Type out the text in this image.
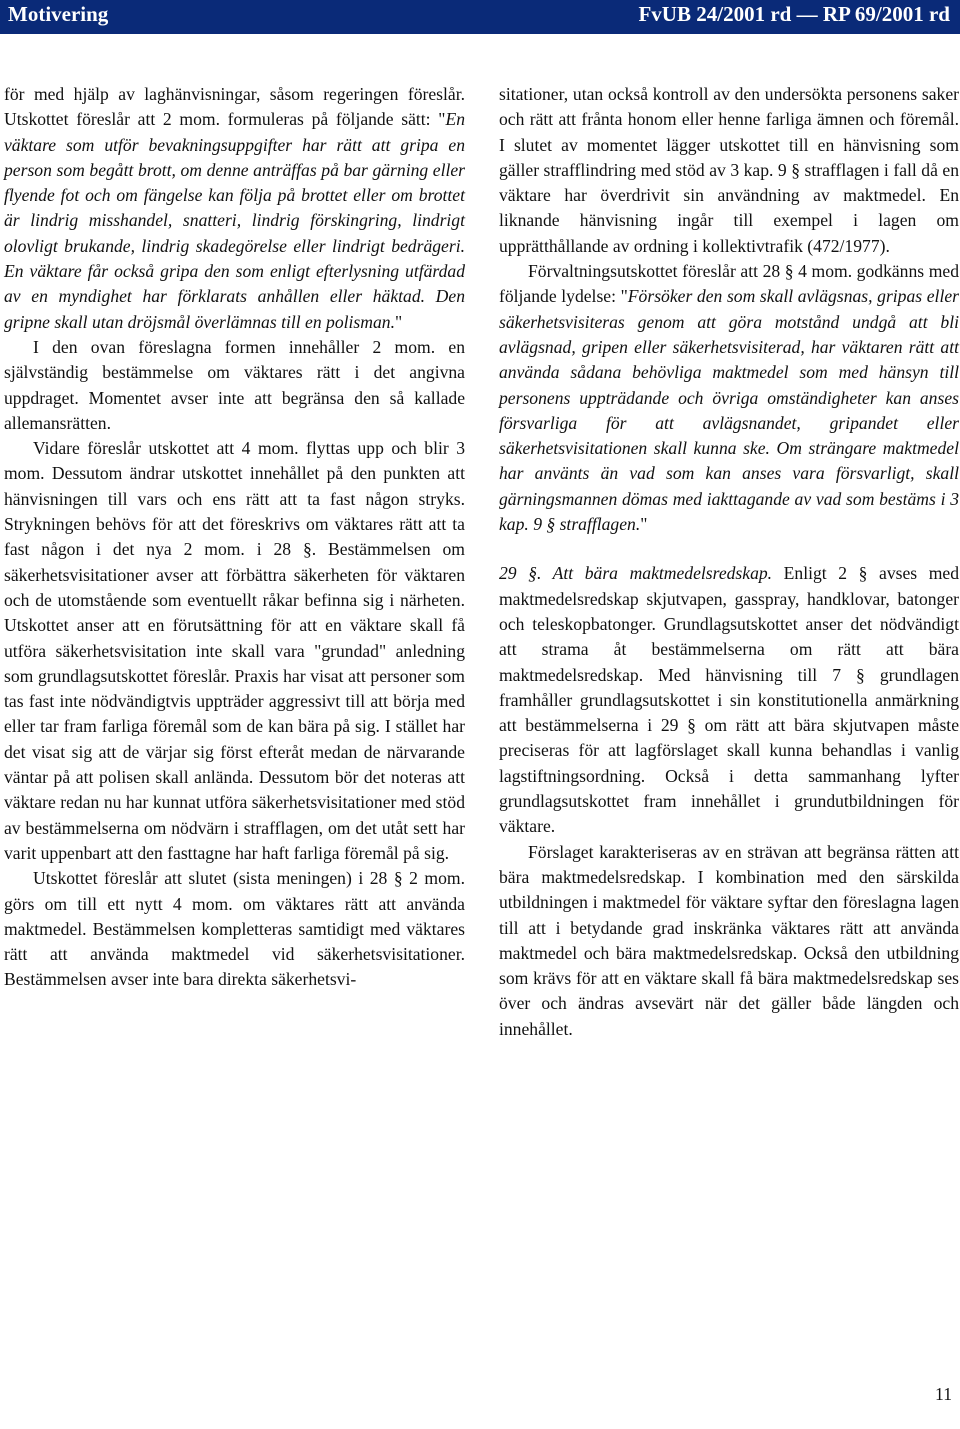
Motivering	FvUB 24/2001 rd — RP 69/2001 rd

för med hjälp av laghänvisningar, såsom regeringen föreslår. Utskottet föreslår att 2 mom. formuleras på följande sätt: "En väktare som utför bevakningsuppgifter har rätt att gripa en person som begått brott, om denne anträffas på bar gärning eller flyende fot och om fängelse kan följa på brottet eller om brottet är lindrig misshandel, snatteri, lindrig förskingring, lindrigt olovligt brukande, lindrig skadegörelse eller lindrigt bedrägeri. En väktare får också gripa den som enligt efterlysning utfärdad av en myndighet har förklarats anhållen eller häktad. Den gripne skall utan dröjsmål överlämnas till en polisman."

I den ovan föreslagna formen innehåller 2 mom. en självständig bestämmelse om väktares rätt i det angivna uppdraget. Momentet avser inte att begränsa den så kallade allemansrätten.

Vidare föreslår utskottet att 4 mom. flyttas upp och blir 3 mom. Dessutom ändrar utskottet innehållet på den punkten att hänvisningen till vars och ens rätt att ta fast någon stryks. Strykningen behövs för att det föreskrivs om väktares rätt att ta fast någon i det nya 2 mom. i 28 §. Bestämmelsen om säkerhetsvisitationer avser att förbättra säkerheten för väktaren och de utomstående som eventuellt råkar befinna sig i närheten. Utskottet anser att en förutsättning för att en väktare skall få utföra säkerhetsvisitation inte skall vara "grundad" anledning som grundlagsutskottet föreslår. Praxis har visat att personer som tas fast inte nödvändigtvis uppträder aggressivt till att börja med eller tar fram farliga föremål som de kan bära på sig. I stället har det visat sig att de värjar sig först efteråt medan de närvarande väntar på att polisen skall anlända. Dessutom bör det noteras att väktare redan nu har kunnat utföra säkerhetsvisitationer med stöd av bestämmelserna om nödvärn i strafflagen, om det utåt sett har varit uppenbart att den fasttagne har haft farliga föremål på sig.

Utskottet föreslår att slutet (sista meningen) i 28 § 2 mom. görs om till ett nytt 4 mom. om väktares rätt att använda maktmedel. Bestämmelsen kompletteras samtidigt med väktares rätt att använda maktmedel vid säkerhetsvisitationer. Bestämmelsen avser inte bara direkta säkerhetsvi-

sitationer, utan också kontroll av den undersökta personens saker och rätt att frånta honom eller henne farliga ämnen och föremål. I slutet av momentet lägger utskottet till en hänvisning som gäller strafflindring med stöd av 3 kap. 9 § strafflagen i fall då en väktare har överdrivit sin användning av maktmedel. En liknande hänvisning ingår till exempel i lagen om upprätthållande av ordning i kollektivtrafik (472/1977).

Förvaltningsutskottet föreslår att 28 § 4 mom. godkänns med följande lydelse: "Försöker den som skall avlägsnas, gripas eller säkerhetsvisiteras genom att göra motstånd undgå att bli avlägsnad, gripen eller säkerhetsvisiterad, har väktaren rätt att använda sådana behövliga maktmedel som med hänsyn till personens uppträdande och övriga omständigheter kan anses försvarliga för att avlägsnandet, gripandet eller säkerhetsvisitationen skall kunna ske. Om strängare maktmedel har använts än vad som kan anses vara försvarligt, skall gärningsmannen dömas med iakttagande av vad som bestäms i 3 kap. 9 § strafflagen."

29 §. Att bära maktmedelsredskap. Enligt 2 § avses med maktmedelsredskap skjutvapen, gasspray, handklovar, batonger och teleskopbatonger. Grundlagsutskottet anser det nödvändigt att strama åt bestämmelserna om rätt att bära maktmedelsredskap. Med hänvisning till 7 § grundlagen framhåller grundlagsutskottet i sin konstitutionella anmärkning att bestämmelserna i 29 § om rätt att bära skjutvapen måste preciseras för att lagförslaget skall kunna behandlas i vanlig lagstiftningsordning. Också i detta sammanhang lyfter grundlagsutskottet fram innehållet i grundutbildningen för väktare.

Förslaget karakteriseras av en strävan att begränsa rätten att bära maktmedelsredskap. I kombination med den särskilda utbildningen i maktmedel för väktare syftar den föreslagna lagen till att i betydande grad inskränka väktares rätt att använda maktmedel och bära maktmedelsredskap. Också den utbildning som krävs för att en väktare skall få bära maktmedelsredskap ses över och ändras avsevärt när det gäller både längden och innehållet.

11
